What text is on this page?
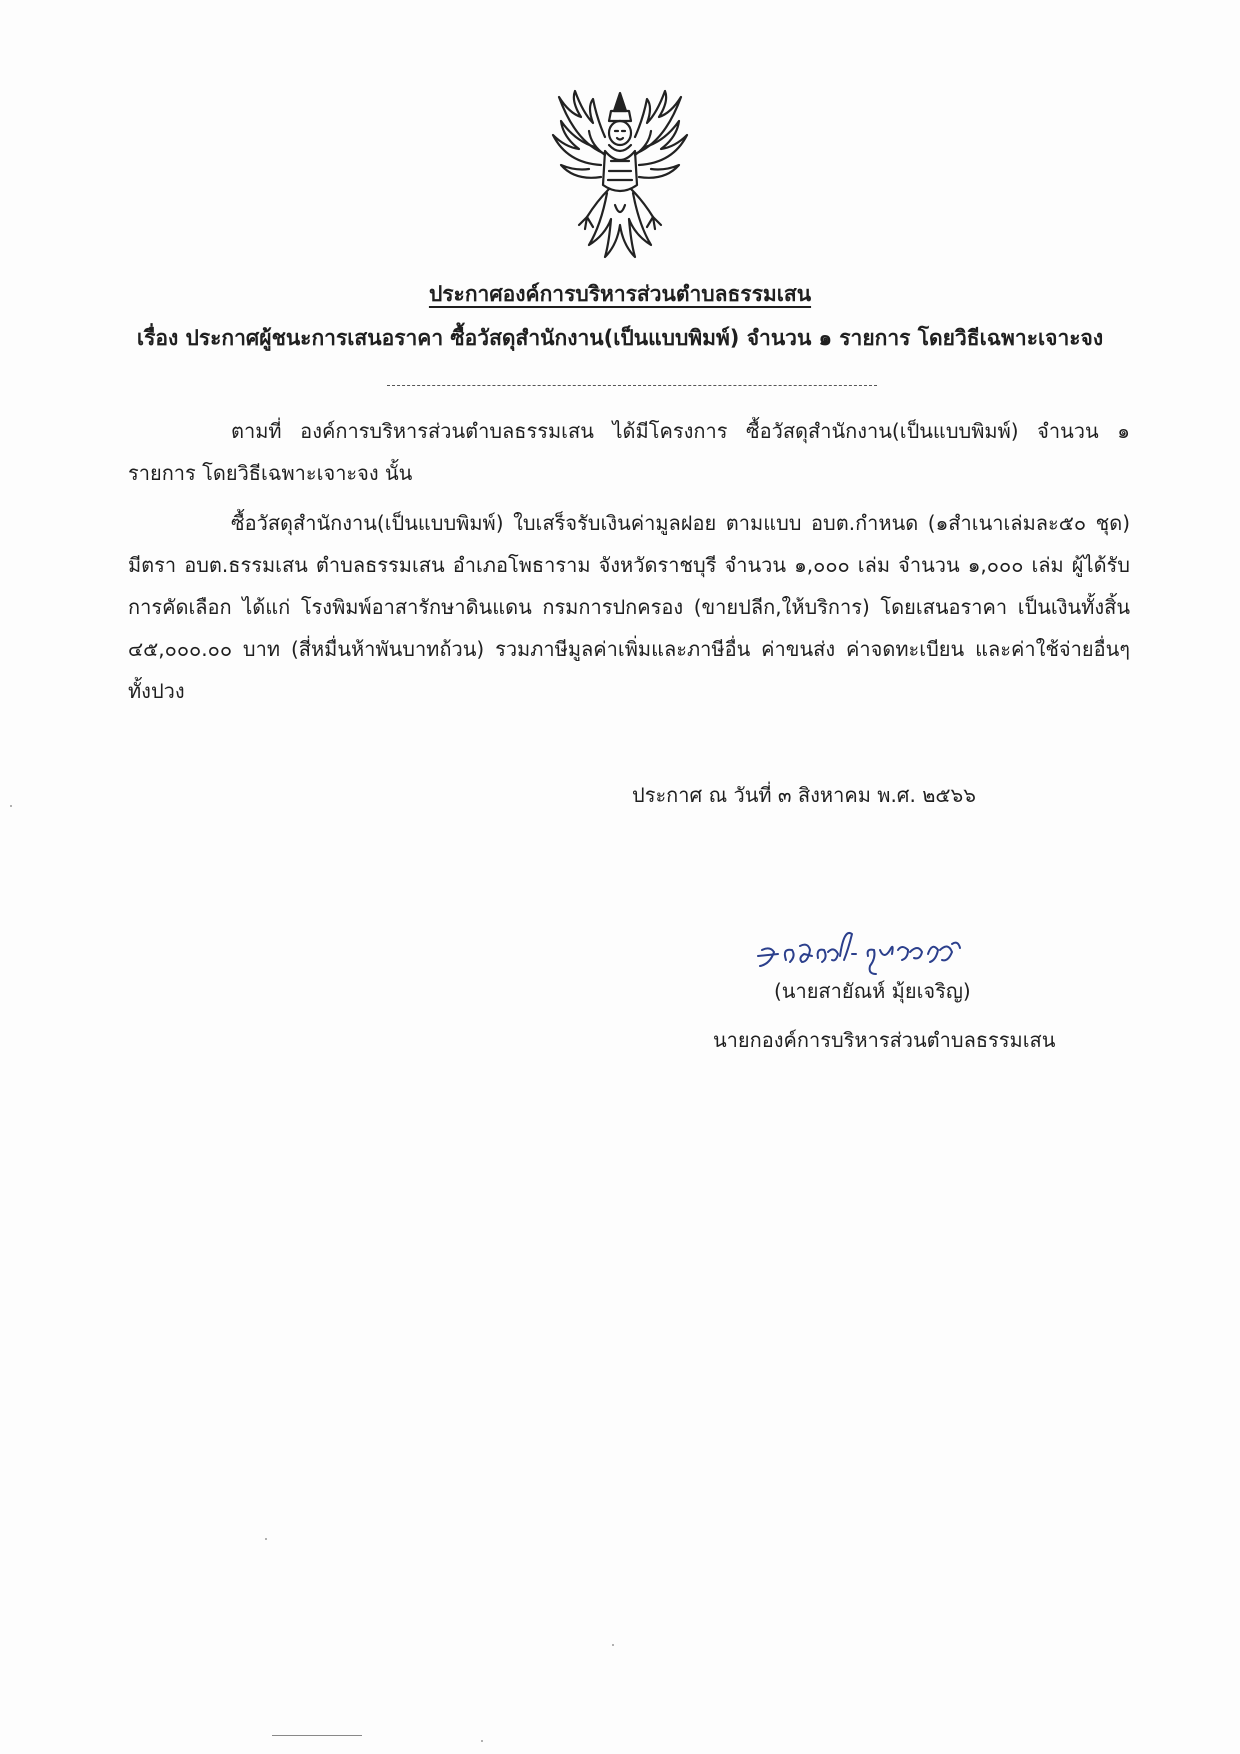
ประกาศองค์การบริหารส่วนตำบลธรรมเสน
เรื่อง ประกาศผู้ชนะการเสนอราคา ซื้อวัสดุสำนักงาน(เป็นแบบพิมพ์) จำนวน ๑ รายการ โดยวิธีเฉพาะเจาะจง
ตามที่ องค์การบริหารส่วนตำบลธรรมเสน ได้มีโครงการ ซื้อวัสดุสำนักงาน(เป็นแบบพิมพ์) จำนวน ๑ รายการ โดยวิธีเฉพาะเจาะจง นั้น
ซื้อวัสดุสำนักงาน(เป็นแบบพิมพ์) ใบเสร็จรับเงินค่ามูลฝอย ตามแบบ อบต.กำหนด (๑สำเนาเล่มละ๕๐ ชุด) มีตรา อบต.ธรรมเสน ตำบลธรรมเสน อำเภอโพธาราม จังหวัดราชบุรี จำนวน ๑,๐๐๐ เล่ม จำนวน ๑,๐๐๐ เล่ม ผู้ได้รับการคัดเลือก ได้แก่ โรงพิมพ์อาสารักษาดินแดน กรมการปกครอง (ขายปลีก,ให้บริการ) โดยเสนอราคา เป็นเงินทั้งสิ้น ๔๕,๐๐๐.๐๐ บาท (สี่หมื่นห้าพันบาทถ้วน) รวมภาษีมูลค่าเพิ่มและภาษีอื่น ค่าขนส่ง ค่าจดทะเบียน และค่าใช้จ่ายอื่นๆ ทั้งปวง
ประกาศ ณ วันที่ ๓ สิงหาคม พ.ศ. ๒๕๖๖
(นายสายัณห์ มุ้ยเจริญ)
นายกองค์การบริหารส่วนตำบลธรรมเสน
